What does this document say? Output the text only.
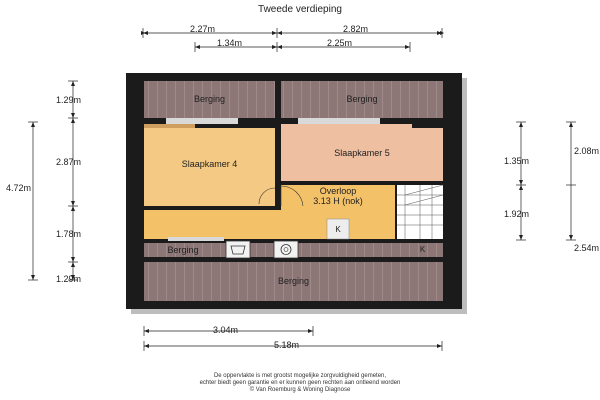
Tweede verdieping
2.27m	2.82m
1.34m	2.25m
1.29m
2.87m
1.78m
1.29m
4.72m
1.35m
1.92m
2.08m
2.54m
3.04m
5.18m
Berging	Berging
Slaapkamer 4
Slaapkamer 5
Overloop
3.13 H (nok)
K
K
Berging
Berging
De oppervlakte is met grootst mogelijke zorgvuldigheid gemeten,
echter biedt geen garantie en er kunnen geen rechten aan ontleend worden
© Van Roemburg & Woning Diagnose
